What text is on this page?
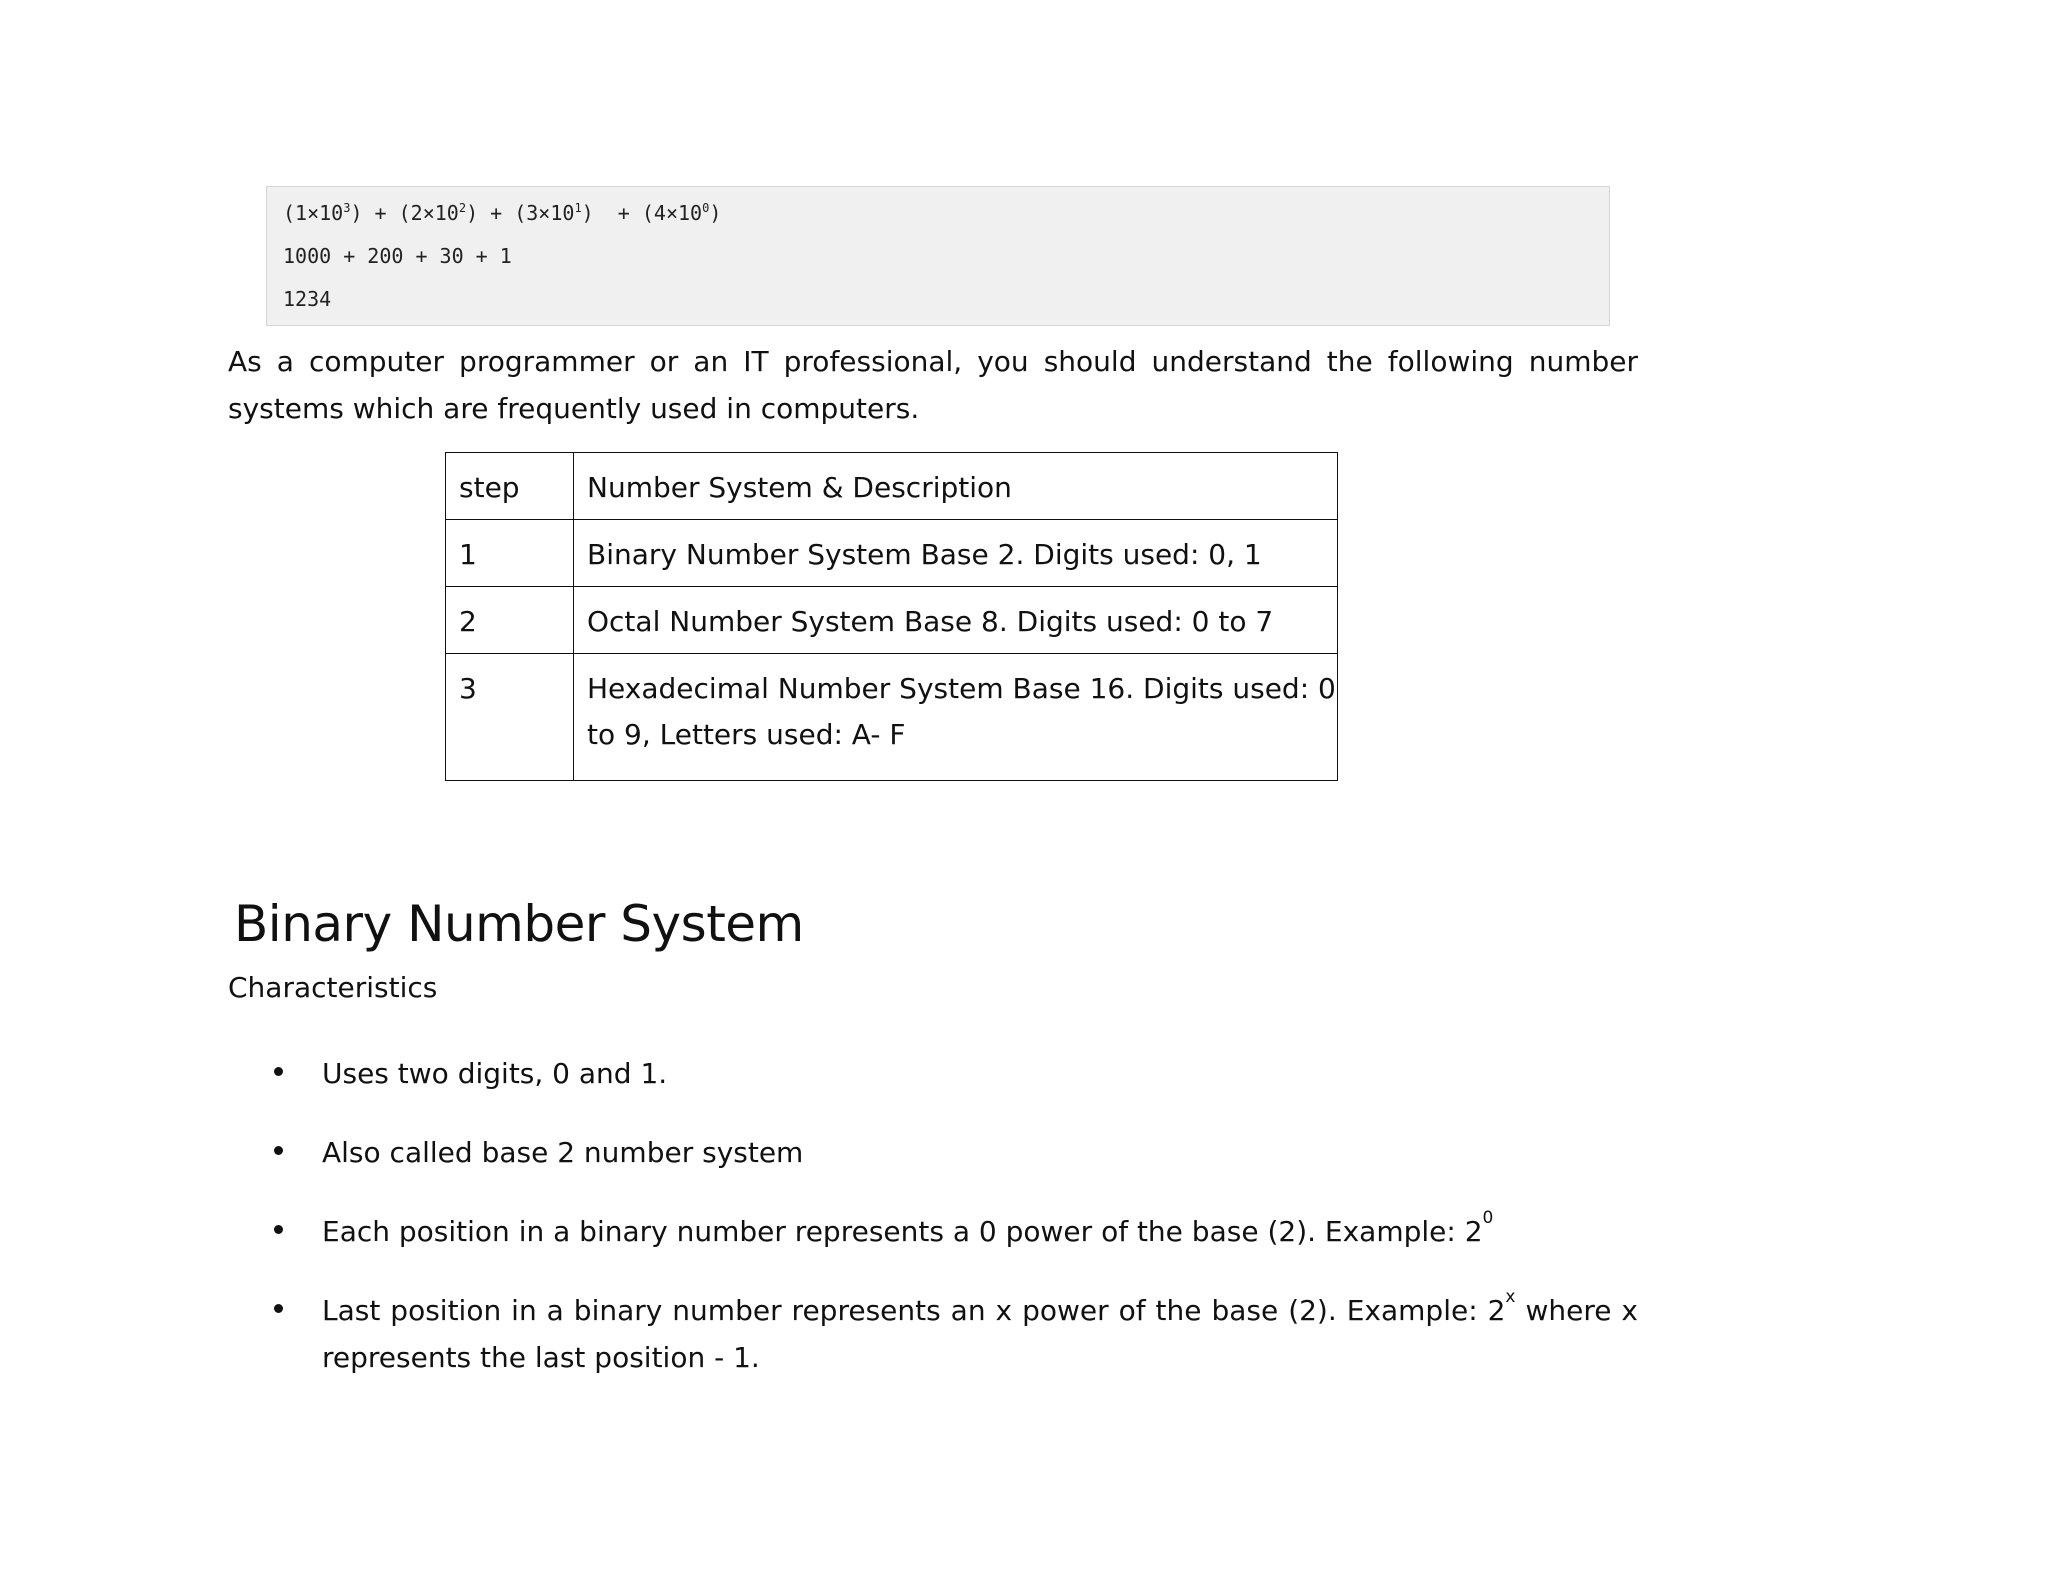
$(1\times 10^3) + (2\times 10^2) + (3\times 10^1) + (4\times 10^0)$
1000 + 200 + 30 + 1
1234

As a computer programmer or an IT professional, you should understand the following number systems which are frequently used in computers.

step	Number System & Description
1	Binary Number System Base 2. Digits used: 0, 1
2	Octal Number System Base 8. Digits used: 0 to 7
3	Hexadecimal Number System Base 16. Digits used: 0 to 9, Letters used: A- F
Binary Number System

Characteristics

Uses two digits, 0 and 1.
Also called base 2 number system
Each position in a binary number represents a 0 power of the base (2). Example: $2^0$
Last position in a binary number represents an x power of the base (2). Example: 2$^x$ where x represents the last position - 1.
